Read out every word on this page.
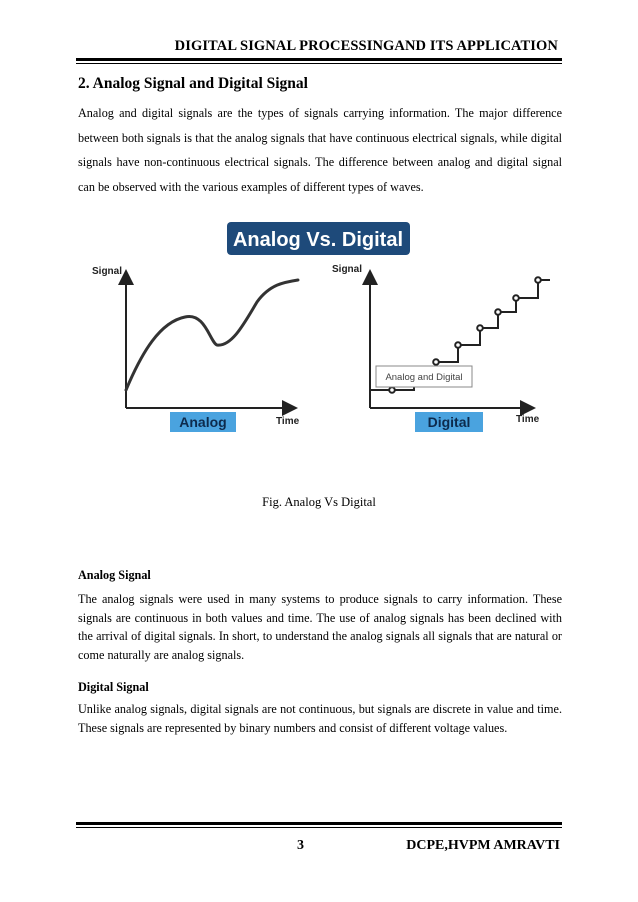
DIGITAL SIGNAL PROCESSINGAND ITS APPLICATION
2. Analog Signal and Digital Signal
Analog and digital signals are the types of signals carrying information. The major difference between both signals is that the analog signals that have continuous electrical signals, while digital signals have non-continuous electrical signals. The difference between analog and digital signal can be observed with the various examples of different types of waves.
Analog Vs. Digital
Signal
Time
Analog
Signal
Time
Analog and Digital
Digital
Fig. Analog Vs Digital
Analog Signal
The analog signals were used in many systems to produce signals to carry information. These signals are continuous in both values and time. The use of analog signals has been declined with the arrival of digital signals. In short, to understand the analog signals all signals that are natural or come naturally are analog signals.
Digital Signal
Unlike analog signals, digital signals are not continuous, but signals are discrete in value and time. These signals are represented by binary numbers and consist of different voltage values.
3	DCPE,HVPM AMRAVTI
